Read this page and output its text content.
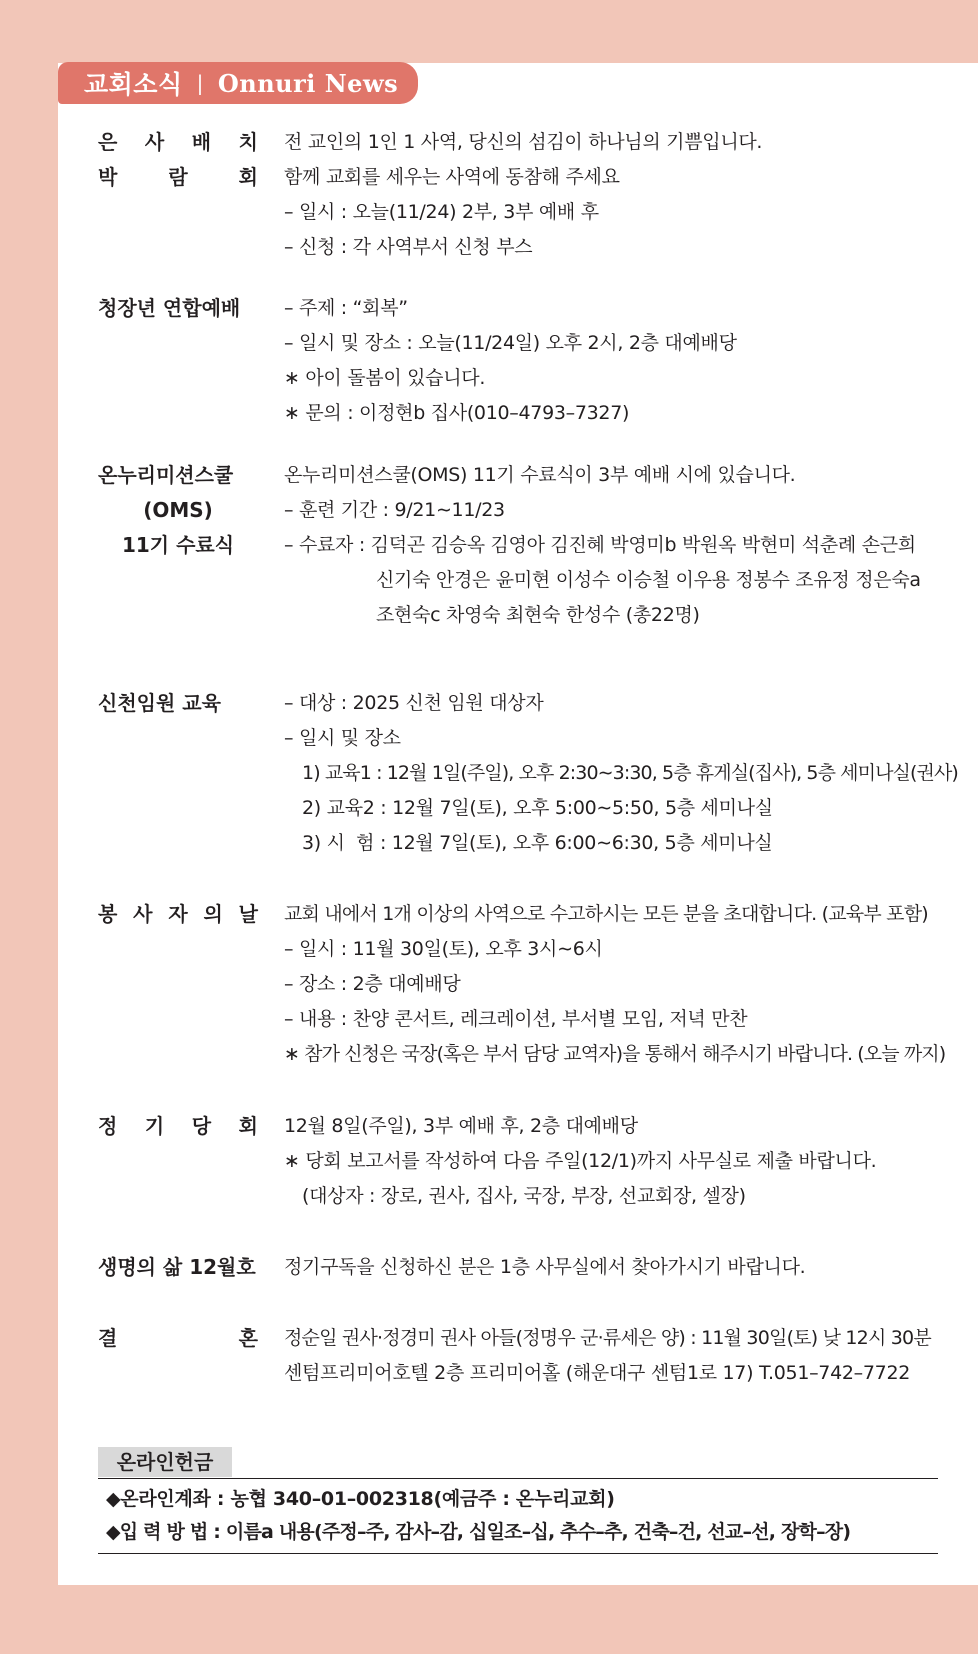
교회소식 | Onnuri News
은 사 배 치
박	람	회
전 교인의 1인 1 사역, 당신의 섬김이 하나님의 기쁨입니다.
함께 교회를 세우는 사역에 동참해 주세요
– 일시 : 오늘(11/24) 2부, 3부 예배 후
– 신청 : 각 사역부서 신청 부스
청장년 연합예배	– 주제 : “회복”
– 일시 및 장소 : 오늘(11/24일) 오후 2시, 2층 대예배당
∗ 아이 돌봄이 있습니다.
∗ 문의 : 이정현b 집사(010–4793–7327)
온누리미션스쿨
(OMS)
11기 수료식
온누리미션스쿨(OMS) 11기 수료식이 3부 예배 시에 있습니다.
– 훈련 기간 : 9/21∼11/23
– 수료자 : 김덕곤 김승옥 김영아 김진혜 박영미b 박원옥 박현미 석춘례 손근희
신기숙 안경은 윤미현 이성수 이승철 이우용 정봉수 조유정 정은숙a
조현숙c 차영숙 최현숙 한성수 (총22명)
신천임원 교육	– 대상 : 2025 신천 임원 대상자
– 일시 및 장소
1) 교육1 : 12월 1일(주일), 오후 2:30∼3:30, 5층 휴게실(집사), 5층 세미나실(권사)
2) 교육2 : 12월 7일(토), 오후 5:00∼5:50, 5층 세미나실
3) 시  험 : 12월 7일(토), 오후 6:00∼6:30, 5층 세미나실
봉 사 자 의 날 교회 내에서 1개 이상의 사역으로 수고하시는 모든 분을 초대합니다. (교육부 포함)
– 일시 : 11월 30일(토), 오후 3시∼6시
– 장소 : 2층 대예배당
– 내용 : 찬양 콘서트, 레크레이션, 부서별 모임, 저녁 만찬
∗ 참가 신청은 국장(혹은 부서 담당 교역자)을 통해서 해주시기 바랍니다. (오늘 까지)
정 기 당 회 12월 8일(주일), 3부 예배 후, 2층 대예배당
∗ 당회 보고서를 작성하여 다음 주일(12/1)까지 사무실로 제출 바랍니다.
(대상자 : 장로, 권사, 집사, 국장, 부장, 선교회장, 셀장)
생명의 삶 12월호 정기구독을 신청하신 분은 1층 사무실에서 찾아가시기 바랍니다.
결	혼 정순일 권사·정경미 권사 아들(정명우 군·류세은 양) : 11월 30일(토) 낮 12시 30분
센텀프리미어호텔 2층 프리미어홀 (해운대구 센텀1로 17) T.051–742–7722
온라인헌금
◆온라인계좌 : 농협 340–01–002318(예금주 : 온누리교회)
◆입 력 방 법 : 이름a 내용(주정–주, 감사–감, 십일조–십, 추수–추, 건축–건, 선교–선, 장학–장)
